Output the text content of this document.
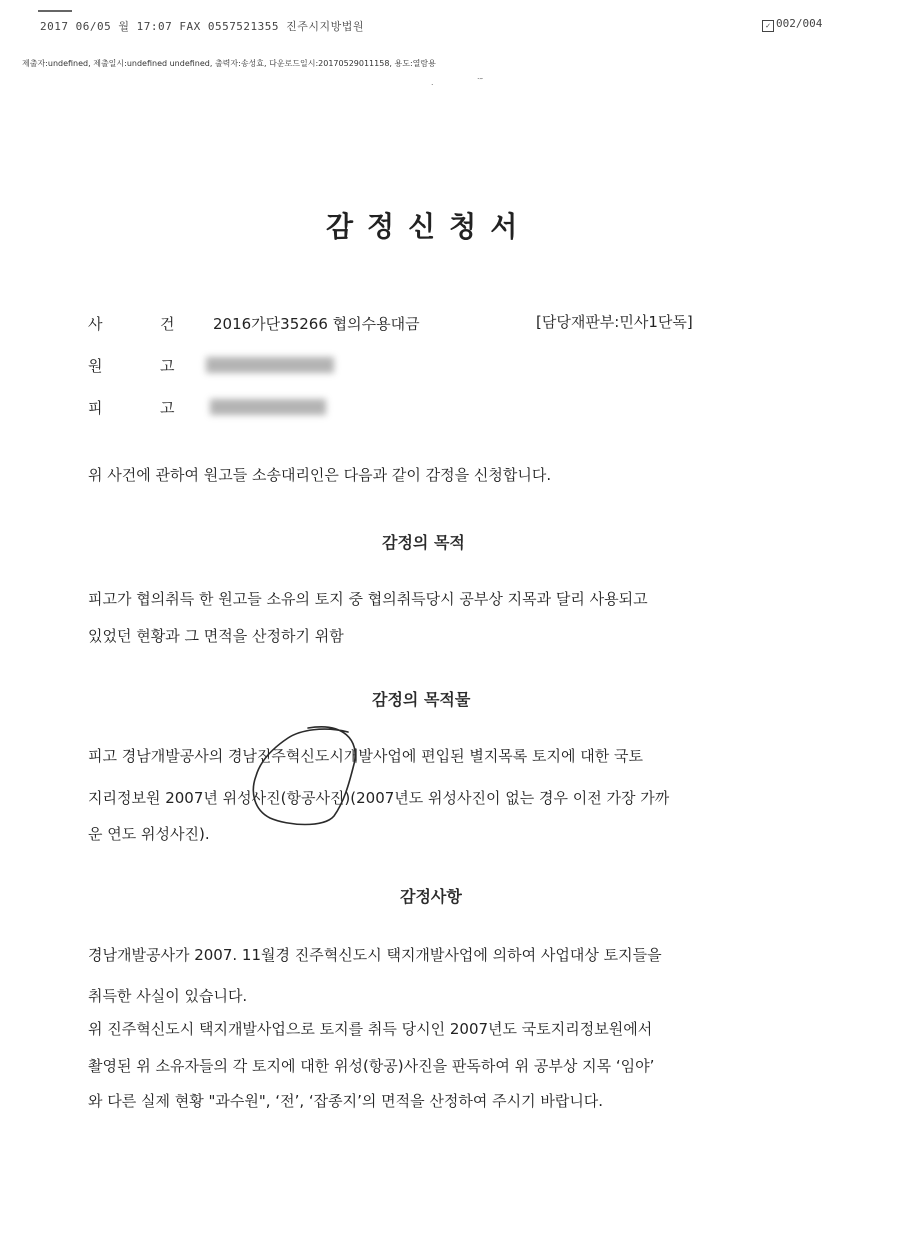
2017 06/05 월 17:07 FAX 0557521355 진주시지방법원	✓ 002/004
제출자:undefined, 제출일시:undefined undefined, 출력자:송성효, 다운로드일시:20170529011158, 용도:열람용
˙
˙ ̃
감정신청서
사	건	2016가단35266 협의수용대금	[담당재판부:민사1단독]
원	고
피	고
위 사건에 관하여 원고들 소송대리인은 다음과 같이 감정을 신청합니다.
감정의 목적
피고가 협의취득 한 원고들 소유의 토지 중 협의취득당시 공부상 지목과 달리 사용되고
있었던 현황과 그 면적을 산정하기 위함
감정의 목적물
피고 경남개발공사의 경남진주혁신도시개발사업에 편입된 별지목록 토지에 대한 국토
지리정보원 2007년 위성사진(항공사진)(2007년도 위성사진이 없는 경우 이전 가장 가까
운 연도 위성사진).
감정사항
경남개발공사가 2007. 11월경 진주혁신도시 택지개발사업에 의하여 사업대상 토지들을
취득한 사실이 있습니다.
위 진주혁신도시 택지개발사업으로 토지를 취득 당시인 2007년도 국토지리정보원에서
촬영된 위 소유자들의 각 토지에 대한 위성(항공)사진을 판독하여 위 공부상 지목 ‘임야’
와 다른 실제 현황 "과수원", ‘전’, ‘잡종지’의 면적을 산정하여 주시기 바랍니다.
